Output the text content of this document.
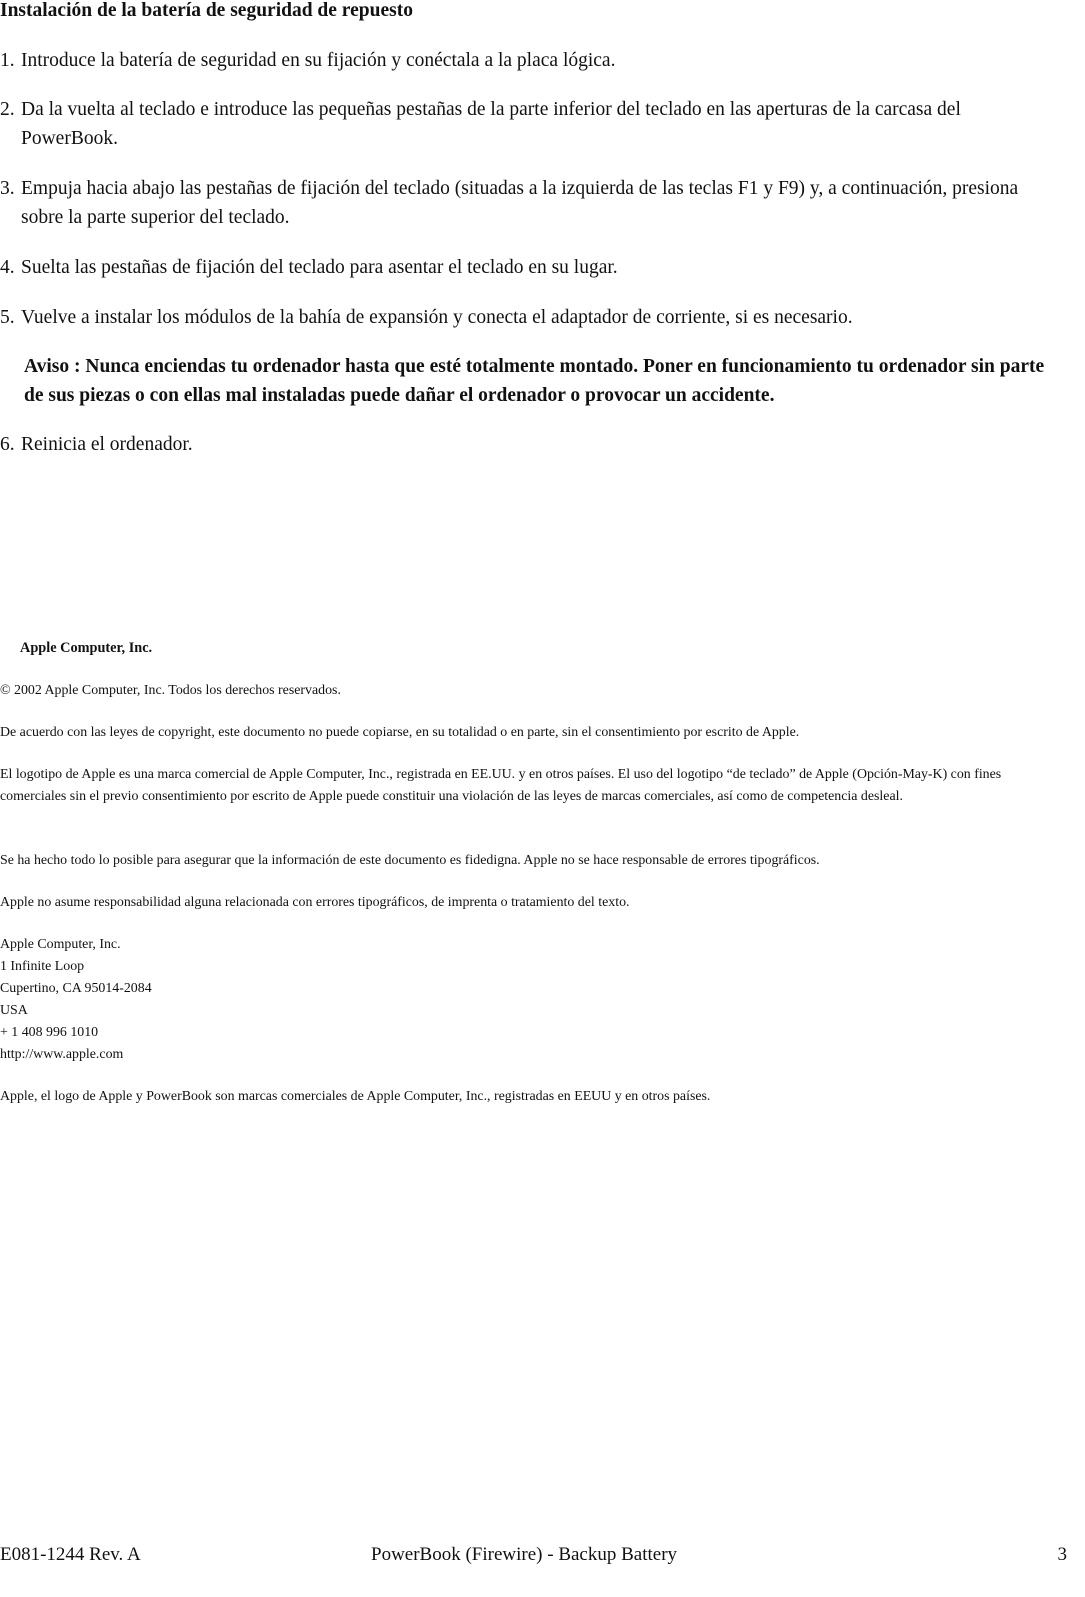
Instalación de la batería de seguridad de repuesto
1. Introduce la batería de seguridad en su fijación y conéctala a la placa lógica.
2. Da la vuelta al teclado e introduce las pequeñas pestañas de la parte inferior del teclado en las aperturas de la carcasa del PowerBook.
3. Empuja hacia abajo las pestañas de fijación del teclado (situadas a la izquierda de las teclas F1 y F9) y, a continuación, presiona sobre la parte superior del teclado.
4. Suelta las pestañas de fijación del teclado para asentar el teclado en su lugar.
5. Vuelve a instalar los módulos de la bahía de expansión y conecta el adaptador de corriente, si es necesario.
Aviso : Nunca enciendas tu ordenador hasta que esté totalmente montado. Poner en funcionamiento tu ordenador sin parte de sus piezas o con ellas mal instaladas puede dañar el ordenador o provocar un accidente.
6. Reinicia el ordenador.
Apple Computer, Inc.
© 2002 Apple Computer, Inc. Todos los derechos reservados.
De acuerdo con las leyes de copyright, este documento no puede copiarse, en su totalidad o en parte, sin el consentimiento por escrito de Apple.
El logotipo de Apple es una marca comercial de Apple Computer, Inc., registrada en EE.UU. y en otros países. El uso del logotipo “de teclado” de Apple (Opción-May-K) con fines comerciales sin el previo consentimiento por escrito de Apple puede constituir una violación de las leyes de marcas comerciales, así como de competencia desleal.
Se ha hecho todo lo posible para asegurar que la información de este documento es fidedigna. Apple no se hace responsable de errores tipográficos.
Apple no asume responsabilidad alguna relacionada con errores tipográficos, de imprenta o tratamiento del texto.
Apple Computer, Inc.
1 Infinite Loop
Cupertino, CA 95014-2084
USA
+ 1 408 996 1010
http://www.apple.com
Apple, el logo de Apple y PowerBook son marcas comerciales de Apple Computer, Inc., registradas en EEUU y en otros países.
E081-1244 Rev. A	PowerBook (Firewire) - Backup Battery	3
